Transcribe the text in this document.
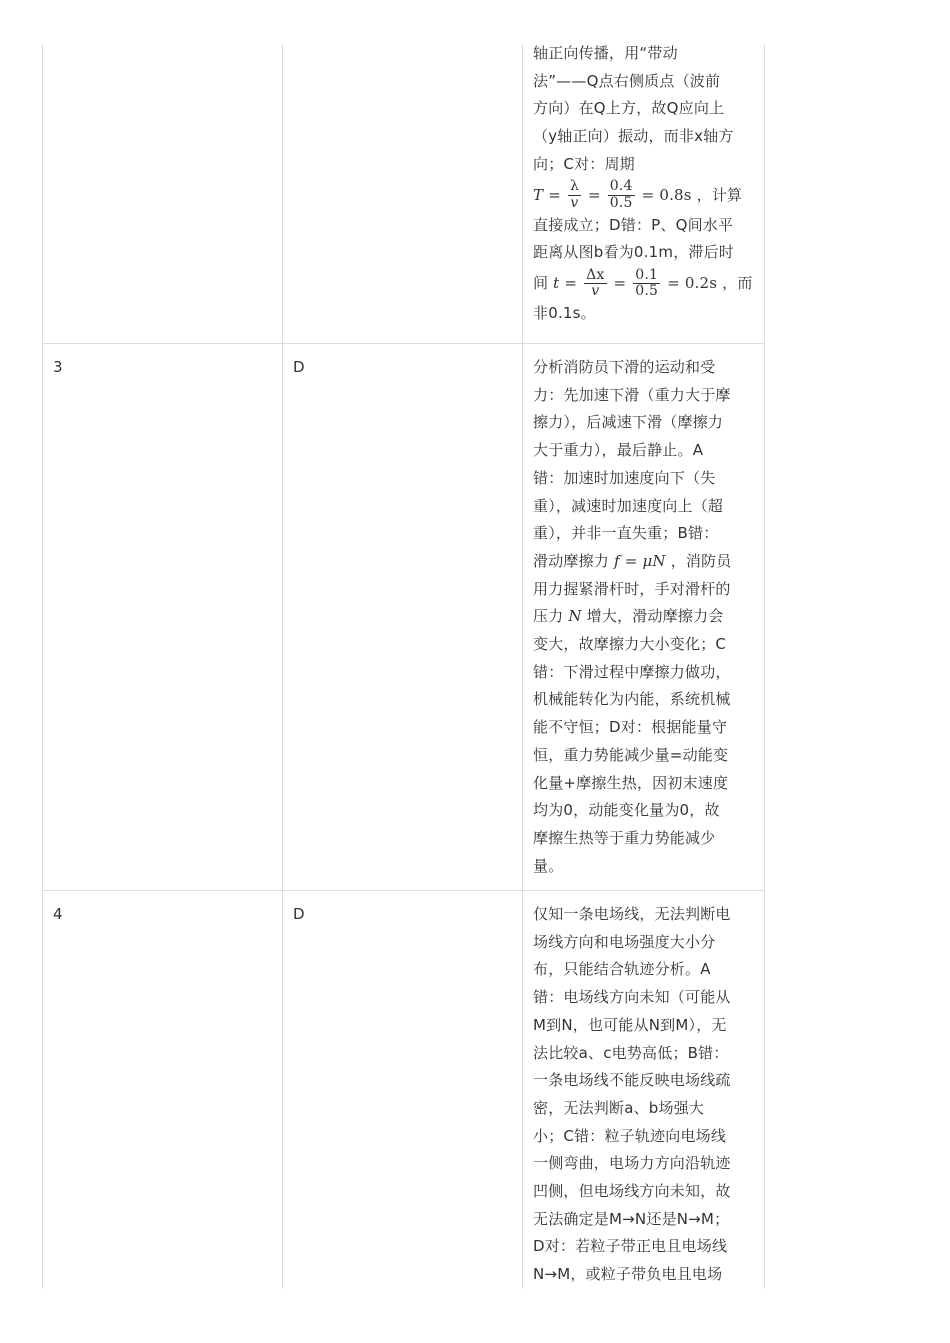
轴正向传播，用“带动
法”——Q点右侧质点（波前
方向）在Q上方，故Q应向上
（y轴正向）振动，而非x轴方
向；C对：周期
$T = \frac{\lambda}{v} = \frac{0.4}{0.5} = 0.8s$ ，计算
直接成立；D错：P、Q间水平
距离从图b看为0.1m，滞后时
间 $t = \frac{\Delta x}{v} = \frac{0.1}{0.5} = 0.2s$ ，而
非0.1s。
3	D	分析消防员下滑的运动和受
力：先加速下滑（重力大于摩
擦力），后减速下滑（摩擦力
大于重力），最后静止。A
错：加速时加速度向下（失
重），减速时加速度向上（超
重），并非一直失重；B错：
滑动摩擦力 f = μN ，消防员
用力握紧滑杆时，手对滑杆的
压力 N 增大，滑动摩擦力会
变大，故摩擦力大小变化；C
错：下滑过程中摩擦力做功，
机械能转化为内能，系统机械
能不守恒；D对：根据能量守
恒，重力势能减少量=动能变
化量+摩擦生热，因初末速度
均为0，动能变化量为0，故
摩擦生热等于重力势能减少
量。
4	D	仅知一条电场线，无法判断电
场线方向和电场强度大小分
布，只能结合轨迹分析。A
错：电场线方向未知（可能从
M到N，也可能从N到M），无
法比较a、c电势高低；B错：
一条电场线不能反映电场线疏
密，无法判断a、b场强大
小；C错：粒子轨迹向电场线
一侧弯曲，电场力方向沿轨迹
凹侧，但电场线方向未知，故
无法确定是M→N还是N→M；
D对：若粒子带正电且电场线
N→M，或粒子带负电且电场
